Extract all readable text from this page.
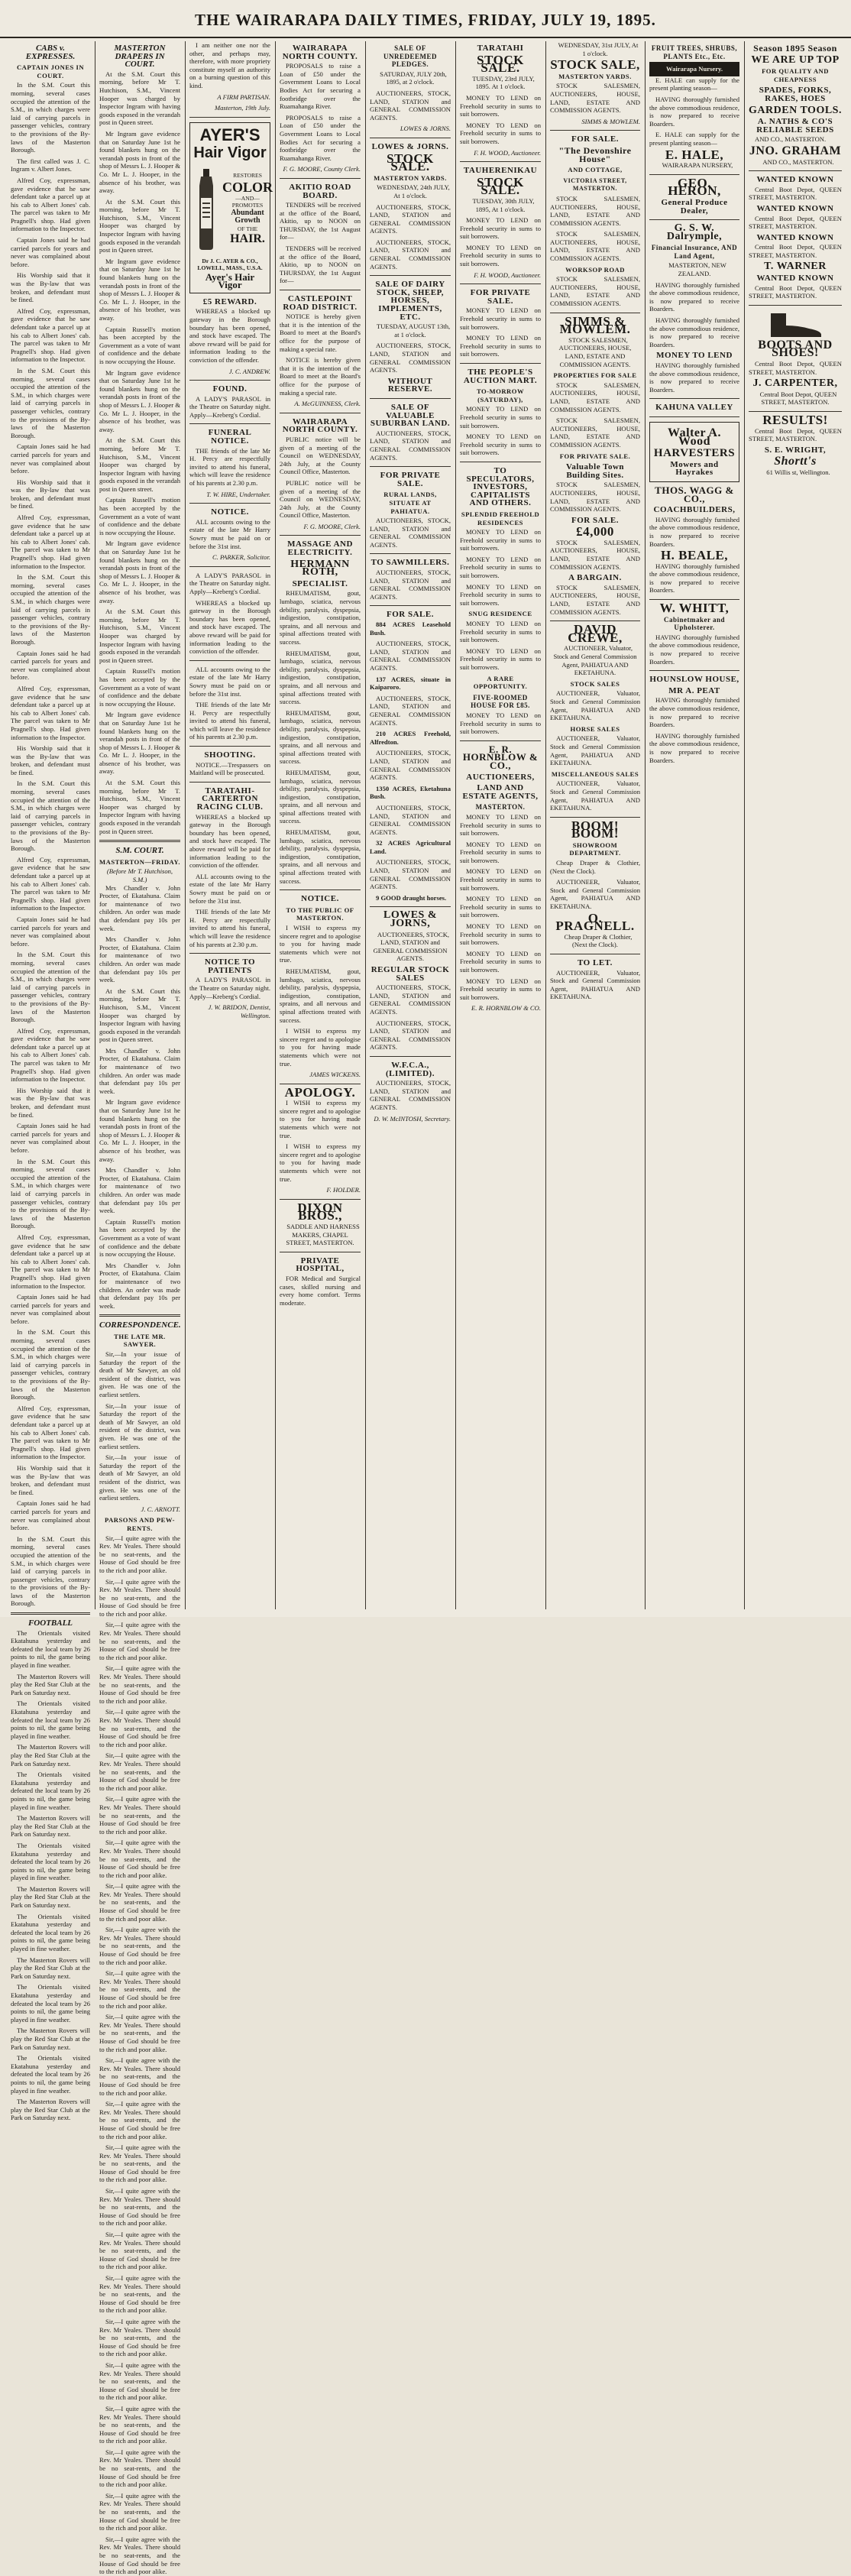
THE WAIRARAPA DAILY TIMES, FRIDAY, JULY 19, 1895.
CABS v. EXPRESSES.
CAPTAIN JONES IN COURT.

In the S.M. Court this morning, several cases occupied the attention of the S.M., in which charges were laid of carrying parcels in passenger vehicles, contrary to the provisions of the By-laws of the Masterton Borough.

The first called was J. C. Ingram v. Albert Jones.

Alfred Coy, expressman, gave evidence that he saw defendant take a parcel up at his cab to Albert Jones' cab. The parcel was taken to Mr Pragnell's shop. Had given information to the Inspector.

Captain Jones said he had carried parcels for years and never was complained about before.

His Worship said that it was the By-law that was broken, and defendant must be fined.

Alfred Coy, expressman, gave evidence that he saw defendant take a parcel up at his cab to Albert Jones' cab. The parcel was taken to Mr Pragnell's shop. Had given information to the Inspector.

In the S.M. Court this morning, several cases occupied the attention of the S.M., in which charges were laid of carrying parcels in passenger vehicles, contrary to the provisions of the By-laws of the Masterton Borough.

Captain Jones said he had carried parcels for years and never was complained about before.

His Worship said that it was the By-law that was broken, and defendant must be fined.

Alfred Coy, expressman, gave evidence that he saw defendant take a parcel up at his cab to Albert Jones' cab. The parcel was taken to Mr Pragnell's shop. Had given information to the Inspector.

In the S.M. Court this morning, several cases occupied the attention of the S.M., in which charges were laid of carrying parcels in passenger vehicles, contrary to the provisions of the By-laws of the Masterton Borough.

Captain Jones said he had carried parcels for years and never was complained about before.

Alfred Coy, expressman, gave evidence that he saw defendant take a parcel up at his cab to Albert Jones' cab. The parcel was taken to Mr Pragnell's shop. Had given information to the Inspector.

His Worship said that it was the By-law that was broken, and defendant must be fined.

In the S.M. Court this morning, several cases occupied the attention of the S.M., in which charges were laid of carrying parcels in passenger vehicles, contrary to the provisions of the By-laws of the Masterton Borough.

Alfred Coy, expressman, gave evidence that he saw defendant take a parcel up at his cab to Albert Jones' cab. The parcel was taken to Mr Pragnell's shop. Had given information to the Inspector.

Captain Jones said he had carried parcels for years and never was complained about before.

In the S.M. Court this morning, several cases occupied the attention of the S.M., in which charges were laid of carrying parcels in passenger vehicles, contrary to the provisions of the By-laws of the Masterton Borough.

Alfred Coy, expressman, gave evidence that he saw defendant take a parcel up at his cab to Albert Jones' cab. The parcel was taken to Mr Pragnell's shop. Had given information to the Inspector.

His Worship said that it was the By-law that was broken, and defendant must be fined.

Captain Jones said he had carried parcels for years and never was complained about before.

In the S.M. Court this morning, several cases occupied the attention of the S.M., in which charges were laid of carrying parcels in passenger vehicles, contrary to the provisions of the By-laws of the Masterton Borough.

Alfred Coy, expressman, gave evidence that he saw defendant take a parcel up at his cab to Albert Jones' cab. The parcel was taken to Mr Pragnell's shop. Had given information to the Inspector.

Captain Jones said he had carried parcels for years and never was complained about before.

In the S.M. Court this morning, several cases occupied the attention of the S.M., in which charges were laid of carrying parcels in passenger vehicles, contrary to the provisions of the By-laws of the Masterton Borough.

Alfred Coy, expressman, gave evidence that he saw defendant take a parcel up at his cab to Albert Jones' cab. The parcel was taken to Mr Pragnell's shop. Had given information to the Inspector.

His Worship said that it was the By-law that was broken, and defendant must be fined.

Captain Jones said he had carried parcels for years and never was complained about before.

In the S.M. Court this morning, several cases occupied the attention of the S.M., in which charges were laid of carrying parcels in passenger vehicles, contrary to the provisions of the By-laws of the Masterton Borough.

FOOTBALL

The Orientals visited Ekatahuna yesterday and defeated the local team by 26 points to nil, the game being played in fine weather.

The Masterton Rovers will play the Red Star Club at the Park on Saturday next.

The Orientals visited Ekatahuna yesterday and defeated the local team by 26 points to nil, the game being played in fine weather.

The Masterton Rovers will play the Red Star Club at the Park on Saturday next.

The Orientals visited Ekatahuna yesterday and defeated the local team by 26 points to nil, the game being played in fine weather.

The Masterton Rovers will play the Red Star Club at the Park on Saturday next.

The Orientals visited Ekatahuna yesterday and defeated the local team by 26 points to nil, the game being played in fine weather.

The Masterton Rovers will play the Red Star Club at the Park on Saturday next.

The Orientals visited Ekatahuna yesterday and defeated the local team by 26 points to nil, the game being played in fine weather.

The Masterton Rovers will play the Red Star Club at the Park on Saturday next.

The Orientals visited Ekatahuna yesterday and defeated the local team by 26 points to nil, the game being played in fine weather.

The Masterton Rovers will play the Red Star Club at the Park on Saturday next.

The Orientals visited Ekatahuna yesterday and defeated the local team by 26 points to nil, the game being played in fine weather.

The Masterton Rovers will play the Red Star Club at the Park on Saturday next.

MASTERTON DRAPERS IN COURT.

At the S.M. Court this morning, before Mr T. Hutchison, S.M., Vincent Hooper was charged by Inspector Ingram with having goods exposed in the verandah post in Queen street.

Mr Ingram gave evidence that on Saturday June 1st he found blankets hung on the verandah posts in front of the shop of Messrs L. J. Hooper & Co. Mr L. J. Hooper, in the absence of his brother, was away.

At the S.M. Court this morning, before Mr T. Hutchison, S.M., Vincent Hooper was charged by Inspector Ingram with having goods exposed in the verandah post in Queen street.

Mr Ingram gave evidence that on Saturday June 1st he found blankets hung on the verandah posts in front of the shop of Messrs L. J. Hooper & Co. Mr L. J. Hooper, in the absence of his brother, was away.

Captain Russell's motion has been accepted by the Government as a vote of want of confidence and the debate is now occupying the House.

Mr Ingram gave evidence that on Saturday June 1st he found blankets hung on the verandah posts in front of the shop of Messrs L. J. Hooper & Co. Mr L. J. Hooper, in the absence of his brother, was away.

At the S.M. Court this morning, before Mr T. Hutchison, S.M., Vincent Hooper was charged by Inspector Ingram with having goods exposed in the verandah post in Queen street.

Captain Russell's motion has been accepted by the Government as a vote of want of confidence and the debate is now occupying the House.

Mr Ingram gave evidence that on Saturday June 1st he found blankets hung on the verandah posts in front of the shop of Messrs L. J. Hooper & Co. Mr L. J. Hooper, in the absence of his brother, was away.

At the S.M. Court this morning, before Mr T. Hutchison, S.M., Vincent Hooper was charged by Inspector Ingram with having goods exposed in the verandah post in Queen street.

Captain Russell's motion has been accepted by the Government as a vote of want of confidence and the debate is now occupying the House.

Mr Ingram gave evidence that on Saturday June 1st he found blankets hung on the verandah posts in front of the shop of Messrs L. J. Hooper & Co. Mr L. J. Hooper, in the absence of his brother, was away.

At the S.M. Court this morning, before Mr T. Hutchison, S.M., Vincent Hooper was charged by Inspector Ingram with having goods exposed in the verandah post in Queen street.

S.M. COURT.
MASTERTON—FRIDAY.
(Before Mr T. Hutchison, S.M.)

Mrs Chandler v. John Procter, of Ekatahuna. Claim for maintenance of two children. An order was made that defendant pay 10s per week.

Mrs Chandler v. John Procter, of Ekatahuna. Claim for maintenance of two children. An order was made that defendant pay 10s per week.

At the S.M. Court this morning, before Mr T. Hutchison, S.M., Vincent Hooper was charged by Inspector Ingram with having goods exposed in the verandah post in Queen street.

Mrs Chandler v. John Procter, of Ekatahuna. Claim for maintenance of two children. An order was made that defendant pay 10s per week.

Mr Ingram gave evidence that on Saturday June 1st he found blankets hung on the verandah posts in front of the shop of Messrs L. J. Hooper & Co. Mr L. J. Hooper, in the absence of his brother, was away.

Mrs Chandler v. John Procter, of Ekatahuna. Claim for maintenance of two children. An order was made that defendant pay 10s per week.

Captain Russell's motion has been accepted by the Government as a vote of want of confidence and the debate is now occupying the House.

Mrs Chandler v. John Procter, of Ekatahuna. Claim for maintenance of two children. An order was made that defendant pay 10s per week.

CORRESPONDENCE.
THE LATE MR. SAWYER.

Sir,—In your issue of Saturday the report of the death of Mr Sawyer, an old resident of the district, was given. He was one of the earliest settlers.

Sir,—In your issue of Saturday the report of the death of Mr Sawyer, an old resident of the district, was given. He was one of the earliest settlers.

Sir,—In your issue of Saturday the report of the death of Mr Sawyer, an old resident of the district, was given. He was one of the earliest settlers.

J. C. ARNOTT.
PARSONS AND PEW-RENTS.

Sir,—I quite agree with the Rev. Mr Yeales. There should be no seat-rents, and the House of God should be free to the rich and poor alike.

Sir,—I quite agree with the Rev. Mr Yeales. There should be no seat-rents, and the House of God should be free to the rich and poor alike.

Sir,—I quite agree with the Rev. Mr Yeales. There should be no seat-rents, and the House of God should be free to the rich and poor alike.

Sir,—I quite agree with the Rev. Mr Yeales. There should be no seat-rents, and the House of God should be free to the rich and poor alike.

Sir,—I quite agree with the Rev. Mr Yeales. There should be no seat-rents, and the House of God should be free to the rich and poor alike.

Sir,—I quite agree with the Rev. Mr Yeales. There should be no seat-rents, and the House of God should be free to the rich and poor alike.

Sir,—I quite agree with the Rev. Mr Yeales. There should be no seat-rents, and the House of God should be free to the rich and poor alike.

Sir,—I quite agree with the Rev. Mr Yeales. There should be no seat-rents, and the House of God should be free to the rich and poor alike.

Sir,—I quite agree with the Rev. Mr Yeales. There should be no seat-rents, and the House of God should be free to the rich and poor alike.

Sir,—I quite agree with the Rev. Mr Yeales. There should be no seat-rents, and the House of God should be free to the rich and poor alike.

Sir,—I quite agree with the Rev. Mr Yeales. There should be no seat-rents, and the House of God should be free to the rich and poor alike.

Sir,—I quite agree with the Rev. Mr Yeales. There should be no seat-rents, and the House of God should be free to the rich and poor alike.

Sir,—I quite agree with the Rev. Mr Yeales. There should be no seat-rents, and the House of God should be free to the rich and poor alike.

Sir,—I quite agree with the Rev. Mr Yeales. There should be no seat-rents, and the House of God should be free to the rich and poor alike.

Sir,—I quite agree with the Rev. Mr Yeales. There should be no seat-rents, and the House of God should be free to the rich and poor alike.

Sir,—I quite agree with the Rev. Mr Yeales. There should be no seat-rents, and the House of God should be free to the rich and poor alike.

Sir,—I quite agree with the Rev. Mr Yeales. There should be no seat-rents, and the House of God should be free to the rich and poor alike.

Sir,—I quite agree with the Rev. Mr Yeales. There should be no seat-rents, and the House of God should be free to the rich and poor alike.

Sir,—I quite agree with the Rev. Mr Yeales. There should be no seat-rents, and the House of God should be free to the rich and poor alike.

Sir,—I quite agree with the Rev. Mr Yeales. There should be no seat-rents, and the House of God should be free to the rich and poor alike.

Sir,—I quite agree with the Rev. Mr Yeales. There should be no seat-rents, and the House of God should be free to the rich and poor alike.

Sir,—I quite agree with the Rev. Mr Yeales. There should be no seat-rents, and the House of God should be free to the rich and poor alike.

Sir,—I quite agree with the Rev. Mr Yeales. There should be no seat-rents, and the House of God should be free to the rich and poor alike.

Sir,—I quite agree with the Rev. Mr Yeales. There should be no seat-rents, and the House of God should be free to the rich and poor alike.

I am neither one nor the other, and perhaps may, therefore, with more propriety constitute myself an authority on a burning question of this kind.

A FIRM PARTISAN.
Masterton, 19th July.
AYER'S
Hair Vigor
RESTORES
COLOR
—AND—
PROMOTES
Abundant Growth
OF THE
HAIR.
Dr J. C. AYER & CO., LOWELL, MASS., U.S.A.
Ayer's Hair Vigor
£5 REWARD.

WHEREAS a blocked up gateway in the Borough boundary has been opened, and stock have escaped. The above reward will be paid for information leading to the conviction of the offender.

J. C. ANDREW.
FOUND.

A LADY'S PARASOL in the Theatre on Saturday night. Apply—Kreberg's Cordial.

FUNERAL NOTICE.

THE friends of the late Mr H. Percy are respectfully invited to attend his funeral, which will leave the residence of his parents at 2.30 p.m.

T. W. HIRE, Undertaker.
NOTICE.

ALL accounts owing to the estate of the late Mr Harry Sowry must be paid on or before the 31st inst.

C. PARKER, Solicitor.

A LADY'S PARASOL in the Theatre on Saturday night. Apply—Kreberg's Cordial.

WHEREAS a blocked up gateway in the Borough boundary has been opened, and stock have escaped. The above reward will be paid for information leading to the conviction of the offender.

ALL accounts owing to the estate of the late Mr Harry Sowry must be paid on or before the 31st inst.

THE friends of the late Mr H. Percy are respectfully invited to attend his funeral, which will leave the residence of his parents at 2.30 p.m.

SHOOTING.

NOTICE.—Trespassers on Maitland will be prosecuted.

TARATAHI-CARTERTON RACING CLUB.

WHEREAS a blocked up gateway in the Borough boundary has been opened, and stock have escaped. The above reward will be paid for information leading to the conviction of the offender.

ALL accounts owing to the estate of the late Mr Harry Sowry must be paid on or before the 31st inst.

THE friends of the late Mr H. Percy are respectfully invited to attend his funeral, which will leave the residence of his parents at 2.30 p.m.

NOTICE TO PATIENTS

A LADY'S PARASOL in the Theatre on Saturday night. Apply—Kreberg's Cordial.

J. W. BRIDON, Dentist, Wellington.
WAIRARAPA NORTH COUNTY.

PROPOSALS to raise a Loan of £50 under the Government Loans to Local Bodies Act for securing a footbridge over the Ruamahanga River.

PROPOSALS to raise a Loan of £50 under the Government Loans to Local Bodies Act for securing a footbridge over the Ruamahanga River.

F. G. MOORE, County Clerk.
AKITIO ROAD BOARD.

TENDERS will be received at the office of the Board, Akitio, up to NOON on THURSDAY, the 1st August for—

TENDERS will be received at the office of the Board, Akitio, up to NOON on THURSDAY, the 1st August for—

CASTLEPOINT ROAD DISTRICT.

NOTICE is hereby given that it is the intention of the Board to meet at the Board's office for the purpose of making a special rate.

NOTICE is hereby given that it is the intention of the Board to meet at the Board's office for the purpose of making a special rate.

A. McGUINNESS, Clerk.
WAIRARAPA NORTH COUNTY.

PUBLIC notice will be given of a meeting of the Council on WEDNESDAY, 24th July, at the County Council Office, Masterton.

PUBLIC notice will be given of a meeting of the Council on WEDNESDAY, 24th July, at the County Council Office, Masterton.

F. G. MOORE, Clerk.
MASSAGE AND ELECTRICITY.
HERMANN ROTH,
SPECIALIST.

RHEUMATISM, gout, lumbago, sciatica, nervous debility, paralysis, dyspepsia, indigestion, constipation, sprains, and all nervous and spinal affections treated with success.

RHEUMATISM, gout, lumbago, sciatica, nervous debility, paralysis, dyspepsia, indigestion, constipation, sprains, and all nervous and spinal affections treated with success.

RHEUMATISM, gout, lumbago, sciatica, nervous debility, paralysis, dyspepsia, indigestion, constipation, sprains, and all nervous and spinal affections treated with success.

RHEUMATISM, gout, lumbago, sciatica, nervous debility, paralysis, dyspepsia, indigestion, constipation, sprains, and all nervous and spinal affections treated with success.

RHEUMATISM, gout, lumbago, sciatica, nervous debility, paralysis, dyspepsia, indigestion, constipation, sprains, and all nervous and spinal affections treated with success.

NOTICE.
TO THE PUBLIC OF MASTERTON.

I WISH to express my sincere regret and to apologise to you for having made statements which were not true.

RHEUMATISM, gout, lumbago, sciatica, nervous debility, paralysis, dyspepsia, indigestion, constipation, sprains, and all nervous and spinal affections treated with success.

I WISH to express my sincere regret and to apologise to you for having made statements which were not true.

JAMES WICKENS.
APOLOGY.

I WISH to express my sincere regret and to apologise to you for having made statements which were not true.

I WISH to express my sincere regret and to apologise to you for having made statements which were not true.

F. HOLDER.
DIXON BROS.,

SADDLE AND HARNESS MAKERS, CHAPEL STREET, MASTERTON.

PRIVATE HOSPITAL,

FOR Medical and Surgical cases, skilled nursing and every home comfort. Terms moderate.

SALE OF UNREDEEMED PLEDGES.

SATURDAY, JULY 20th, 1895, at 2 o'clock.

AUCTIONEERS, STOCK, LAND, STATION and GENERAL COMMISSION AGENTS.

LOWES & JORNS.
LOWES & JORNS.
STOCK SALE.
MASTERTON YARDS.

WEDNESDAY, 24th JULY, At 1 o'clock.

AUCTIONEERS, STOCK, LAND, STATION and GENERAL COMMISSION AGENTS.

AUCTIONEERS, STOCK, LAND, STATION and GENERAL COMMISSION AGENTS.

SALE OF DAIRY STOCK, SHEEP, HORSES, IMPLEMENTS, ETC.

TUESDAY, AUGUST 13th, at 1 o'clock.

AUCTIONEERS, STOCK, LAND, STATION and GENERAL COMMISSION AGENTS.

WITHOUT RESERVE.
SALE OF VALUABLE SUBURBAN LAND.

AUCTIONEERS, STOCK, LAND, STATION and GENERAL COMMISSION AGENTS.

FOR PRIVATE SALE.
RURAL LANDS, SITUATE AT PAHIATUA.

AUCTIONEERS, STOCK, LAND, STATION and GENERAL COMMISSION AGENTS.

TO SAWMILLERS.

AUCTIONEERS, STOCK, LAND, STATION and GENERAL COMMISSION AGENTS.

FOR SALE.

884 ACRES Leasehold Bush.

AUCTIONEERS, STOCK, LAND, STATION and GENERAL COMMISSION AGENTS.

137 ACRES, situate in Kaiparoro.

AUCTIONEERS, STOCK, LAND, STATION and GENERAL COMMISSION AGENTS.

210 ACRES Freehold, Alfredton.

AUCTIONEERS, STOCK, LAND, STATION and GENERAL COMMISSION AGENTS.

1350 ACRES, Eketahuna Bush.

AUCTIONEERS, STOCK, LAND, STATION and GENERAL COMMISSION AGENTS.

32 ACRES Agricultural Land.

AUCTIONEERS, STOCK, LAND, STATION and GENERAL COMMISSION AGENTS.

9 GOOD draught horses.

LOWES & JORNS,

AUCTIONEERS, STOCK, LAND, STATION and GENERAL COMMISSION AGENTS.

REGULAR STOCK SALES

AUCTIONEERS, STOCK, LAND, STATION and GENERAL COMMISSION AGENTS.

AUCTIONEERS, STOCK, LAND, STATION and GENERAL COMMISSION AGENTS.

W.F.C.A., (LIMITED).

AUCTIONEERS, STOCK, LAND, STATION and GENERAL COMMISSION AGENTS.

D. W. McINTOSH, Secretary.
TARATAHI
STOCK SALE.

TUESDAY, 23rd JULY, 1895. At 1 o'clock.

MONEY TO LEND on Freehold security in sums to suit borrowers.

MONEY TO LEND on Freehold security in sums to suit borrowers.

F. H. WOOD, Auctioneer.
TAUHERENIKAU
STOCK SALE.

TUESDAY, 30th JULY, 1895, At 1 o'clock.

MONEY TO LEND on Freehold security in sums to suit borrowers.

MONEY TO LEND on Freehold security in sums to suit borrowers.

F. H. WOOD, Auctioneer.
FOR PRIVATE SALE.

MONEY TO LEND on Freehold security in sums to suit borrowers.

MONEY TO LEND on Freehold security in sums to suit borrowers.

THE PEOPLE'S AUCTION MART.
TO-MORROW (SATURDAY),

MONEY TO LEND on Freehold security in sums to suit borrowers.

MONEY TO LEND on Freehold security in sums to suit borrowers.

TO SPECULATORS, INVESTORS, CAPITALISTS AND OTHERS.
SPLENDID FREEHOLD RESIDENCES

MONEY TO LEND on Freehold security in sums to suit borrowers.

MONEY TO LEND on Freehold security in sums to suit borrowers.

MONEY TO LEND on Freehold security in sums to suit borrowers.

SNUG RESIDENCE

MONEY TO LEND on Freehold security in sums to suit borrowers.

MONEY TO LEND on Freehold security in sums to suit borrowers.

A RARE OPPORTUNITY.
FIVE-ROOMED HOUSE FOR £85.

MONEY TO LEND on Freehold security in sums to suit borrowers.

E. R. HORNBLOW & CO.,
AUCTIONEERS,
LAND AND ESTATE AGENTS,
MASTERTON.

MONEY TO LEND on Freehold security in sums to suit borrowers.

MONEY TO LEND on Freehold security in sums to suit borrowers.

MONEY TO LEND on Freehold security in sums to suit borrowers.

MONEY TO LEND on Freehold security in sums to suit borrowers.

MONEY TO LEND on Freehold security in sums to suit borrowers.

MONEY TO LEND on Freehold security in sums to suit borrowers.

MONEY TO LEND on Freehold security in sums to suit borrowers.

E. R. HORNBLOW & CO.

WEDNESDAY, 31st JULY, At 1 o'clock.

STOCK SALE,
MASTERTON YARDS.

STOCK SALESMEN, AUCTIONEERS, HOUSE, LAND, ESTATE AND COMMISSION AGENTS.

SIMMS & MOWLEM.
FOR SALE.
"The Devonshire House"
AND COTTAGE,
VICTORIA STREET, MASTERTON.

STOCK SALESMEN, AUCTIONEERS, HOUSE, LAND, ESTATE AND COMMISSION AGENTS.

STOCK SALESMEN, AUCTIONEERS, HOUSE, LAND, ESTATE AND COMMISSION AGENTS.

WORKSOP ROAD

STOCK SALESMEN, AUCTIONEERS, HOUSE, LAND, ESTATE AND COMMISSION AGENTS.

SIMMS & MOWLEM.

STOCK SALESMEN, AUCTIONEERS, HOUSE, LAND, ESTATE AND COMMISSION AGENTS.

PROPERTIES FOR SALE

STOCK SALESMEN, AUCTIONEERS, HOUSE, LAND, ESTATE AND COMMISSION AGENTS.

STOCK SALESMEN, AUCTIONEERS, HOUSE, LAND, ESTATE AND COMMISSION AGENTS.

FOR PRIVATE SALE.
Valuable Town Building Sites.

STOCK SALESMEN, AUCTIONEERS, HOUSE, LAND, ESTATE AND COMMISSION AGENTS.

FOR SALE.
£4,000

STOCK SALESMEN, AUCTIONEERS, HOUSE, LAND, ESTATE AND COMMISSION AGENTS.

A BARGAIN.

STOCK SALESMEN, AUCTIONEERS, HOUSE, LAND, ESTATE AND COMMISSION AGENTS.

DAVID CREWE,

AUCTIONEER, Valuator, Stock and General Commission Agent, PAHIATUA AND EKETAHUNA.

STOCK SALES

AUCTIONEER, Valuator, Stock and General Commission Agent, PAHIATUA AND EKETAHUNA.

HORSE SALES

AUCTIONEER, Valuator, Stock and General Commission Agent, PAHIATUA AND EKETAHUNA.

MISCELLANEOUS SALES

AUCTIONEER, Valuator, Stock and General Commission Agent, PAHIATUA AND EKETAHUNA.

BOOM! BOOM!
SHOWROOM DEPARTMENT.

Cheap Draper & Clothier, (Next the Clock).

AUCTIONEER, Valuator, Stock and General Commission Agent, PAHIATUA AND EKETAHUNA.

O. PRAGNELL.

Cheap Draper & Clothier, (Next the Clock).

TO LET.

AUCTIONEER, Valuator, Stock and General Commission Agent, PAHIATUA AND EKETAHUNA.

FRUIT TREES, SHRUBS, PLANTS Etc., Etc.
Wairarapa Nursery.

E. HALE can supply for the present planting season—

HAVING thoroughly furnished the above commodious residence, is now prepared to receive Boarders.

E. HALE can supply for the present planting season—

E. HALE,

WAIRARAPA NURSERY,

GEO. HERON,
General Produce Dealer,
G. S. W. Dalrymple,
Financial Insurance, AND Land Agent,

MASTERTON, NEW ZEALAND.

HAVING thoroughly furnished the above commodious residence, is now prepared to receive Boarders.

HAVING thoroughly furnished the above commodious residence, is now prepared to receive Boarders.

MONEY TO LEND

HAVING thoroughly furnished the above commodious residence, is now prepared to receive Boarders.

KAHUNA VALLEY
Walter A. Wood
HARVESTERS
Mowers and Hayrakes
THOS. WAGG & CO.,
COACHBUILDERS,

HAVING thoroughly furnished the above commodious residence, is now prepared to receive Boarders.

H. BEALE,

HAVING thoroughly furnished the above commodious residence, is now prepared to receive Boarders.

W. WHITT,
Cabinetmaker and Upholsterer.

HAVING thoroughly furnished the above commodious residence, is now prepared to receive Boarders.

HOUNSLOW HOUSE,
MR A. PEAT

HAVING thoroughly furnished the above commodious residence, is now prepared to receive Boarders.

HAVING thoroughly furnished the above commodious residence, is now prepared to receive Boarders.

Season 1895 Season
WE ARE UP TOP
FOR QUALITY AND CHEAPNESS
SPADES, FORKS, RAKES, HOES
GARDEN TOOLS.
A. NATHS & CO'S RELIABLE SEEDS

AND CO., MASTERTON.

JNO. GRAHAM

AND CO., MASTERTON.

WANTED KNOWN

Central Boot Depot, QUEEN STREET, MASTERTON.

WANTED KNOWN

Central Boot Depot, QUEEN STREET, MASTERTON.

WANTED KNOWN

Central Boot Depot, QUEEN STREET, MASTERTON.

T. WARNER
WANTED KNOWN

Central Boot Depot, QUEEN STREET, MASTERTON.

BOOTS AND SHOES!

Central Boot Depot, QUEEN STREET, MASTERTON.

J. CARPENTER,

Central Boot Depot, QUEEN STREET, MASTERTON.

RESULTS!

Central Boot Depot, QUEEN STREET, MASTERTON.

S. E. WRIGHT,
Shortt's

61 Willis st, Wellington.
